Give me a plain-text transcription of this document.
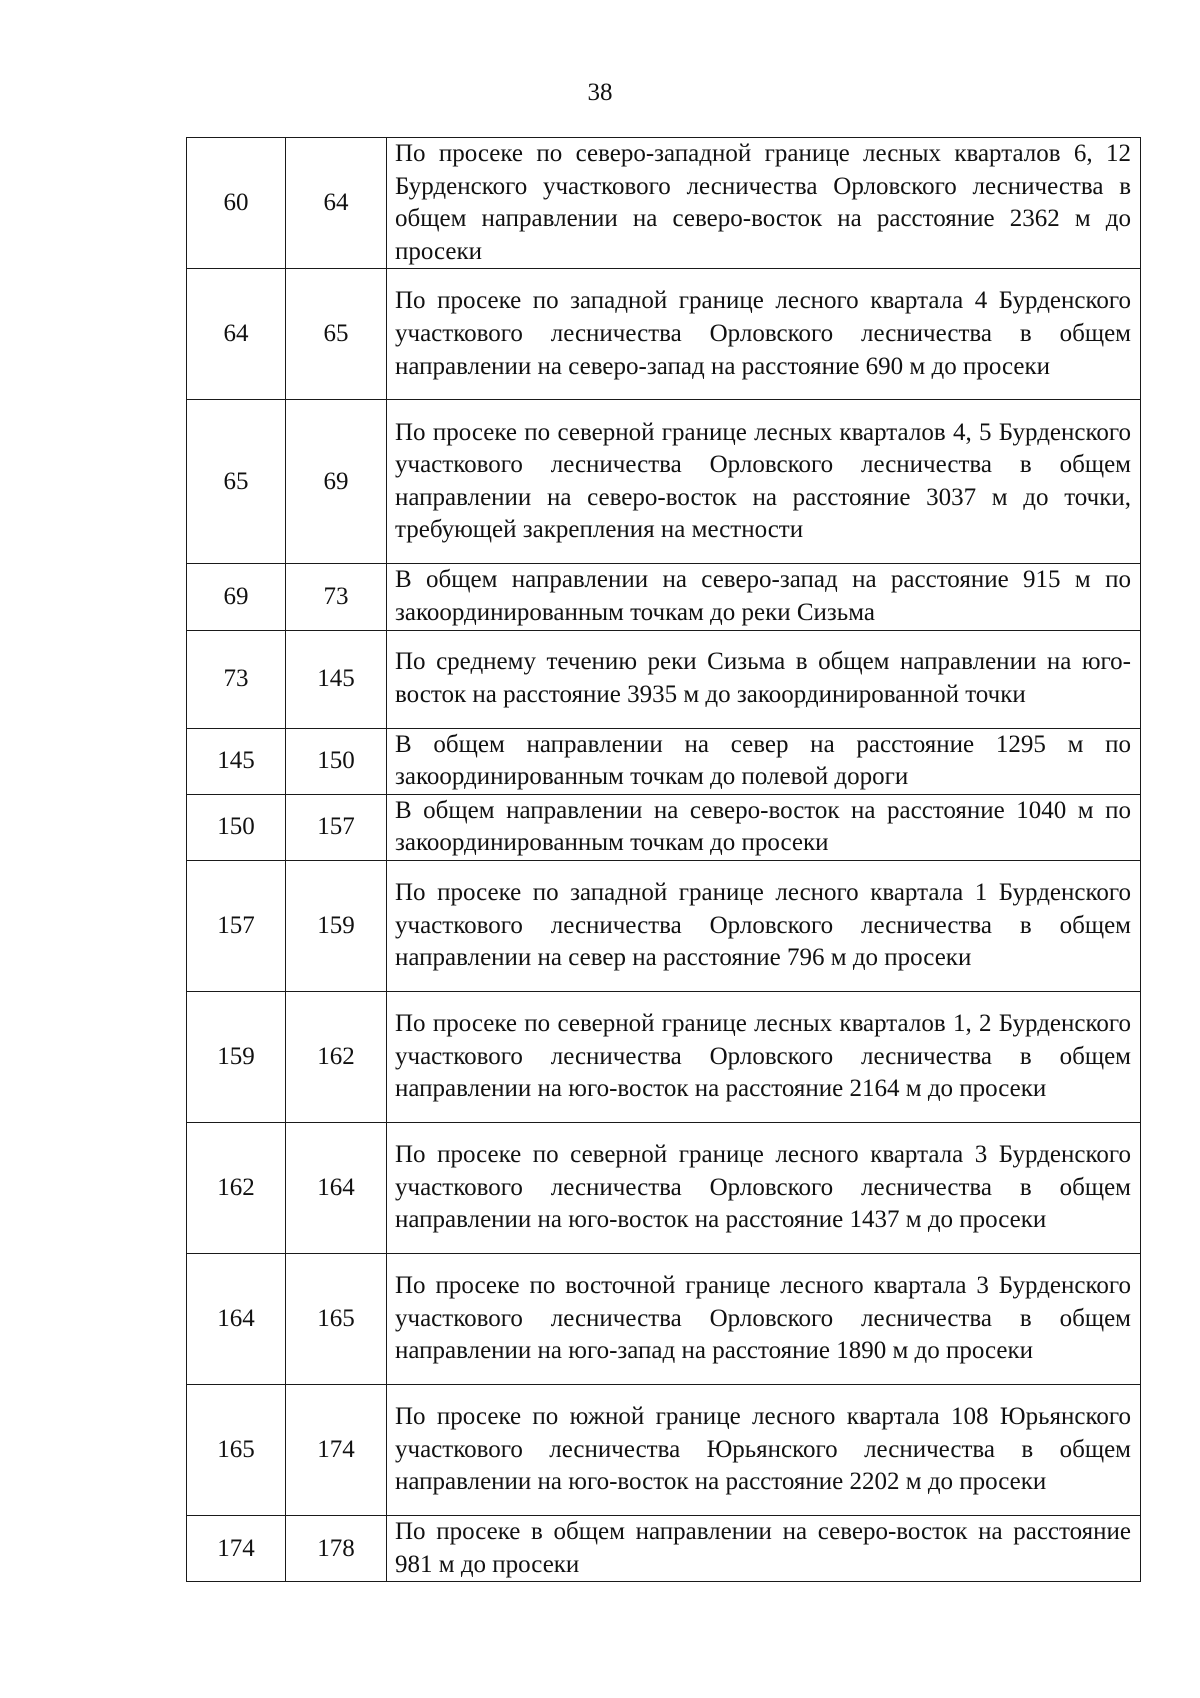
38
60	64	По просеке по северо-западной границе лесных кварталов 6, 12 Бурденского участкового лесничества Орловского лесничества в общем направлении на северо-восток на расстояние 2362 м до просеки
64	65	По просеке по западной границе лесного квартала 4 Бурденского участкового лесничества Орловского лесничества в общем направлении на северо-запад на расстояние 690 м до просеки
65	69	По просеке по северной границе лесных кварталов 4, 5 Бурденского участкового лесничества Орловского лесничества в общем направлении на северо-восток на расстояние 3037 м до точки, требующей закрепления на местности
69	73	В общем направлении на северо-запад на расстояние 915 м по закоординированным точкам до реки Сизьма
73	145	По среднему течению реки Сизьма в общем направлении на юго-восток на расстояние 3935 м до закоординированной точки
145	150	В общем направлении на север на расстояние 1295 м по закоординированным точкам до полевой дороги
150	157	В общем направлении на северо-восток на расстояние 1040 м по закоординированным точкам до просеки
157	159	По просеке по западной границе лесного квартала 1 Бурденского участкового лесничества Орловского лесничества в общем направлении на север на расстояние 796 м до просеки
159	162	По просеке по северной границе лесных кварталов 1, 2 Бурденского участкового лесничества Орловского лесничества в общем направлении на юго-восток на расстояние 2164 м до просеки
162	164	По просеке по северной границе лесного квартала 3 Бурденского участкового лесничества Орловского лесничества в общем направлении на юго-восток на расстояние 1437 м до просеки
164	165	По просеке по восточной границе лесного квартала 3 Бурденского участкового лесничества Орловского лесничества в общем направлении на юго-запад на расстояние 1890 м до просеки
165	174	По просеке по южной границе лесного квартала 108 Юрьянского участкового лесничества Юрьянского лесничества в общем направлении на юго-восток на расстояние 2202 м до просеки
174	178	По просеке в общем направлении на северо-восток на расстояние 981 м до просеки
